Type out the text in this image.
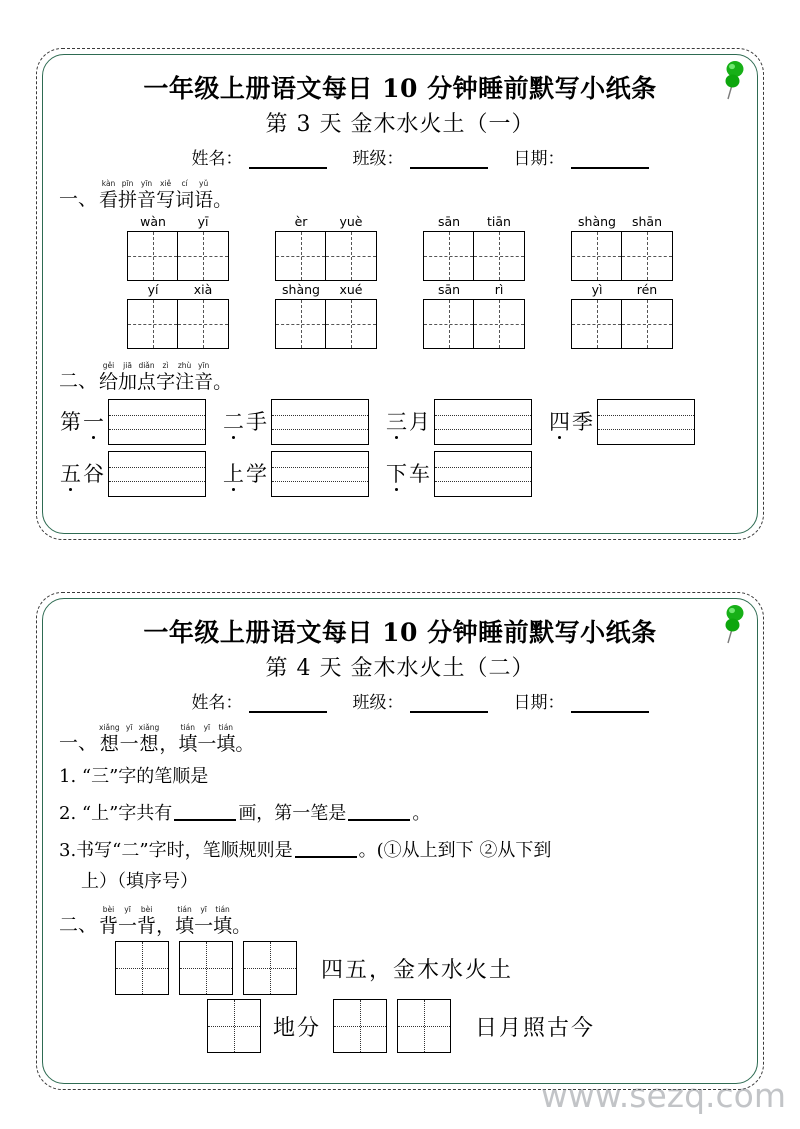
一年级上册语文每日 10 分钟睡前默写小纸条
第 3 天 金木水火土（一）
姓名：	班级：	日期：
一、
kàn
看
pīn
拼
yīn
音
xiě
写
cí
词
yǔ
语 。
wàn	yī	èr	yuè	sān	tiān	shàng	shān
yí	xià	shàng	xué	sān	rì	yì	rén
二、
gěi
给
jiā
加
diǎn
点
zì
字
zhù
注
yīn
音 。
第 一	二 手	三 月	四 季
五 谷	上 学	下 车
一年级上册语文每日 10 分钟睡前默写小纸条
第 4 天 金木水火土（二）
姓名：	班级：	日期：
一、
xiǎng
想
yī
一
xiǎng
想 ，
tián
填
yī
一
tián
填 。
1. “三”字的笔顺是
2. “上”字共有	画，第一笔是	。
3.书写“二”字时，笔顺规则是	。(①从上到下 ②从下到
上）（填序号）
二、
bèi
背
yī
一
bèi
背 ，
tián
填
yī
一
tián
填 。
四五，金木水火土
地分	日月照古今
www.sezq.com
